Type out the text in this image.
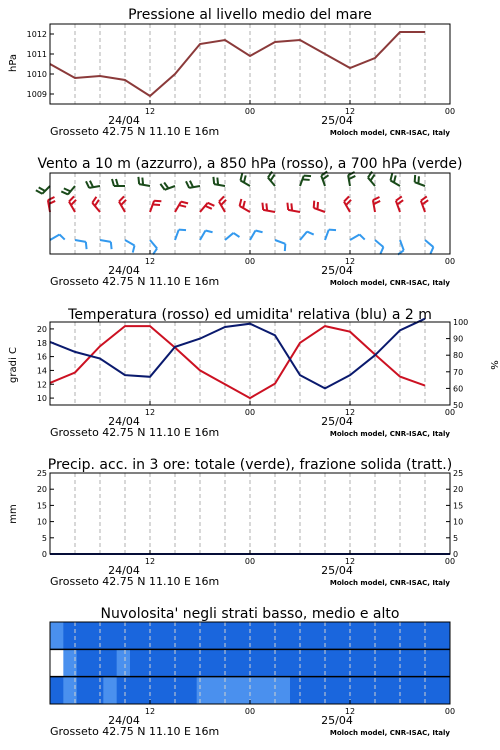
Pressione al livello medio del mare
Vento a 10 m (azzurro), a 850 hPa (rosso), a 700 hPa (verde)
Temperatura (rosso) ed umidita' relativa (blu) a 2 m
Precip. acc. in 3 ore: totale (verde), frazione solida (tratt.)
Nuvolosita' negli strati basso, medio e alto
hPa
gradi C	%
mm
1009
1010
1011
1012
12	00	12	00
24/04	25/04
Grosseto 42.75 N 11.10 E 16m	Moloch model, CNR-ISAC, Italy
12	00	12	00
24/04	25/04
Grosseto 42.75 N 11.10 E 16m	Moloch model, CNR-ISAC, Italy
10
12
14
16
18
20
50
60
70
80
90
100
12	00	12	00
24/04	25/04
Grosseto 42.75 N 11.10 E 16m	Moloch model, CNR-ISAC, Italy
0
5
10
15
20
25
0
5
10
15
20
25
12	00	12	00
24/04	25/04
Grosseto 42.75 N 11.10 E 16m	Moloch model, CNR-ISAC, Italy
12	00	12	00
24/04	25/04
Grosseto 42.75 N 11.10 E 16m	Moloch model, CNR-ISAC, Italy
